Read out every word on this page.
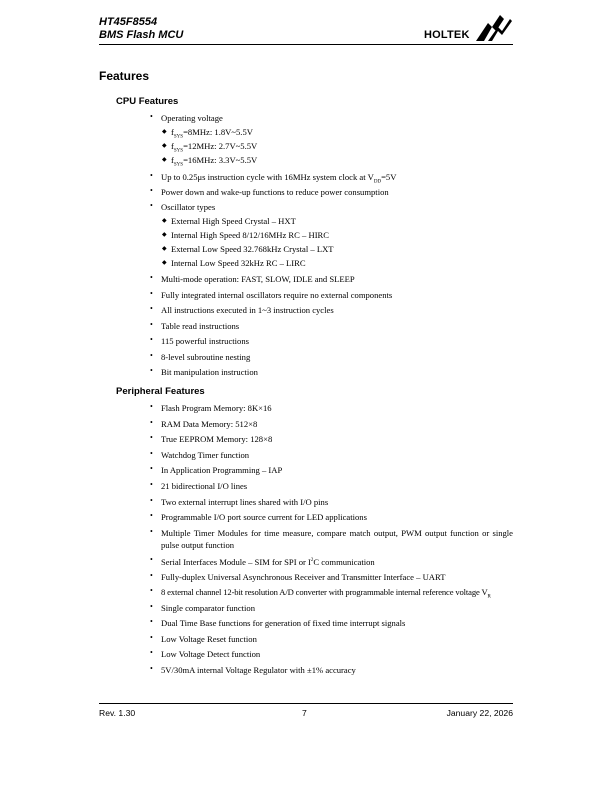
HT45F8554
BMS Flash MCU	HOLTEK
Features
CPU Features
• Operating voltage
◆ $f_{SYS}=8MHz$: 1.8V~5.5V
◆ $f_{SYS}=12MHz$: 2.7V~5.5V
◆ $f_{SYS}=16MHz$: 3.3V~5.5V
• Up to 0.25μs instruction cycle with 16MHz system clock at $V_{DD}=5V$
• Power down and wake-up functions to reduce power consumption
• Oscillator types
◆ External High Speed Crystal – HXT
◆ Internal High Speed 8/12/16MHz RC – HIRC
◆ External Low Speed 32.768kHz Crystal – LXT
◆ Internal Low Speed 32kHz RC – LIRC
• Multi-mode operation: FAST, SLOW, IDLE and SLEEP
• Fully integrated internal oscillators require no external components
• All instructions executed in 1~3 instruction cycles
• Table read instructions
• 115 powerful instructions
• 8-level subroutine nesting
• Bit manipulation instruction
Peripheral Features
• Flash Program Memory: 8K×16
• RAM Data Memory: 512×8
• True EEPROM Memory: 128×8
• Watchdog Timer function
• In Application Programming – IAP
• 21 bidirectional I/O lines
• Two external interrupt lines shared with I/O pins
• Programmable I/O port source current for LED applications
• Multiple Timer Modules for time measure, compare match output, PWM output function or single pulse output function
• Serial Interfaces Module – SIM for SPI or $I^2C$ communication
• Fully-duplex Universal Asynchronous Receiver and Transmitter Interface – UART
• 8 external channel 12-bit resolution A/D converter with programmable internal reference voltage $V_R$
• Single comparator function
• Dual Time Base functions for generation of fixed time interrupt signals
• Low Voltage Reset function
• Low Voltage Detect function
• 5V/30mA internal Voltage Regulator with ±1% accuracy
Rev. 1.30	7	January 22, 2026
